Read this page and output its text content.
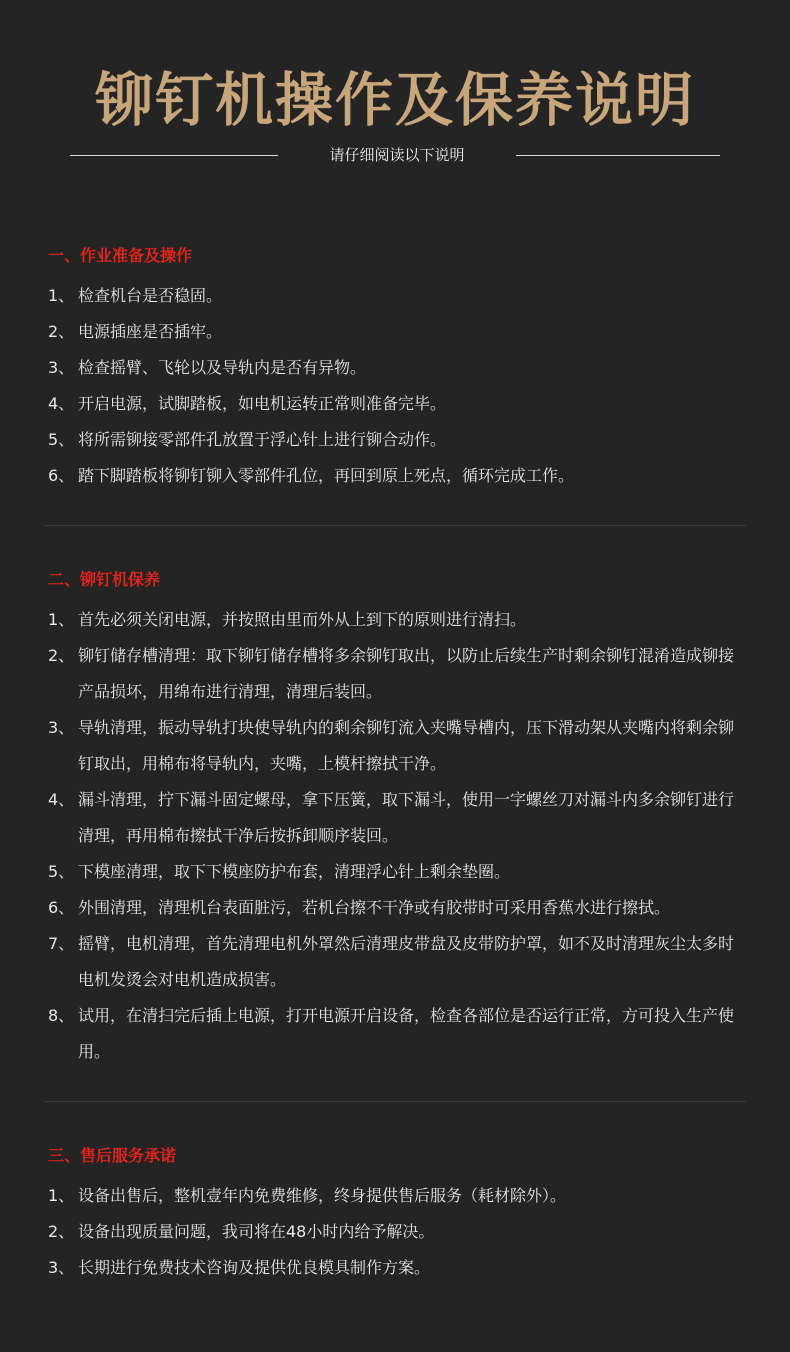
铆钉机操作及保养说明
请仔细阅读以下说明
一、作业准备及操作
1、 检查机台是否稳固。
2、 电源插座是否插牢。
3、 检查摇臂、飞轮以及导轨内是否有异物。
4、 开启电源，试脚踏板，如电机运转正常则准备完毕。
5、 将所需铆接零部件孔放置于浮心针上进行铆合动作。
6、 踏下脚踏板将铆钉铆入零部件孔位，再回到原上死点，循环完成工作。
二、铆钉机保养
1、 首先必须关闭电源，并按照由里而外从上到下的原则进行清扫。
2、 铆钉储存槽清理：取下铆钉储存槽将多余铆钉取出，以防止后续生产时剩余铆钉混淆造成铆接产品损坏，用绵布进行清理，清理后装回。
3、 导轨清理，振动导轨打块使导轨内的剩余铆钉流入夹嘴导槽内，压下滑动架从夹嘴内将剩余铆钉取出，用棉布将导轨内，夹嘴，上模杆擦拭干净。
4、 漏斗清理，拧下漏斗固定螺母，拿下压簧，取下漏斗，使用一字螺丝刀对漏斗内多余铆钉进行清理，再用棉布擦拭干净后按拆卸顺序装回。
5、 下模座清理，取下下模座防护布套，清理浮心针上剩余垫圈。
6、 外围清理，清理机台表面脏污，若机台擦不干净或有胶带时可采用香蕉水进行擦拭。
7、 摇臂，电机清理，首先清理电机外罩然后清理皮带盘及皮带防护罩，如不及时清理灰尘太多时电机发烫会对电机造成损害。
8、 试用，在清扫完后插上电源，打开电源开启设备，检查各部位是否运行正常，方可投入生产使用。
三、售后服务承诺
1、 设备出售后，整机壹年内免费维修，终身提供售后服务（耗材除外）。
2、 设备出现质量问题，我司将在48小时内给予解决。
3、 长期进行免费技术咨询及提供优良模具制作方案。
